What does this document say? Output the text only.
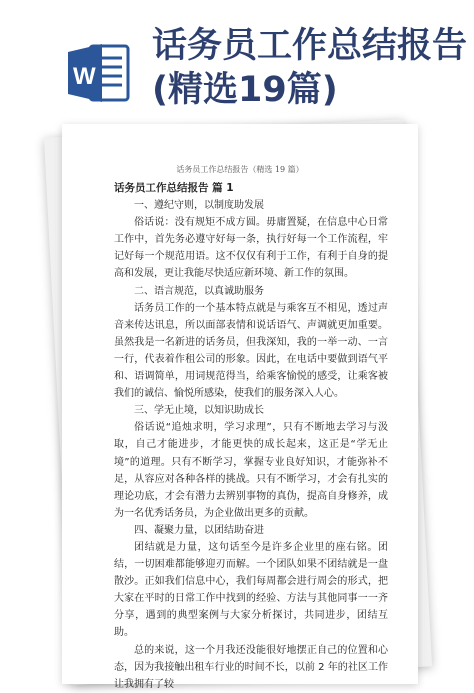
W
话务员工作总结报告(精选19篇)
话务员工作总结报告（精选 19 篇）

话务员工作总结报告 篇 1

一、遵纪守则，以制度助发展

俗话说：没有规矩不成方圆。毋庸置疑，在信息中心日常工作中，首先务必遵守好每一条，执行好每一个工作流程，牢记好每一个规范用语。这不仅仅有利于工作，有利于自身的提高和发展，更让我能尽快适应新环境、新工作的氛围。

二、语言规范，以真诚助服务

话务员工作的一个基本特点就是与乘客互不相见，透过声音来传达讯息，所以面部表情和说话语气、声调就更加重要。虽然我是一名新进的话务员，但我深知，我的一举一动、一言一行，代表着作租公司的形象。因此，在电话中要做到语气平和、语调简单，用词规范得当，给乘客愉悦的感受，让乘客被我们的诚信、愉悦所感染，使我们的服务深入人心。

三、学无止境，以知识助成长

俗话说“追烛求明，学习求理”，只有不断地去学习与汲取，自己才能进步，才能更快的成长起来，这正是“学无止境”的道理。只有不断学习，掌握专业良好知识，才能弥补不足，从容应对各种各样的挑战。只有不断学习，才会有扎实的理论功底，才会有潜力去辨别事物的真伪，提高自身修养，成为一名优秀话务员，为企业做出更多的贡献。

四、凝聚力量，以团结助奋进

团结就是力量，这句话至今是许多企业里的座右铭。团结，一切困难都能够迎刃而解。一个团队如果不团结就是一盘散沙。正如我们信息中心，我们每周都会进行周会的形式，把大家在平时的日常工作中找到的经验、方法与其他同事一一齐分享，遇到的典型案例与大家分析探讨，共同进步，团结互助。

总的来说，这一个月我还没能很好地摆正自己的位置和心态，因为我接触出租车行业的时间不长，以前 2 年的社区工作让我拥有了较
